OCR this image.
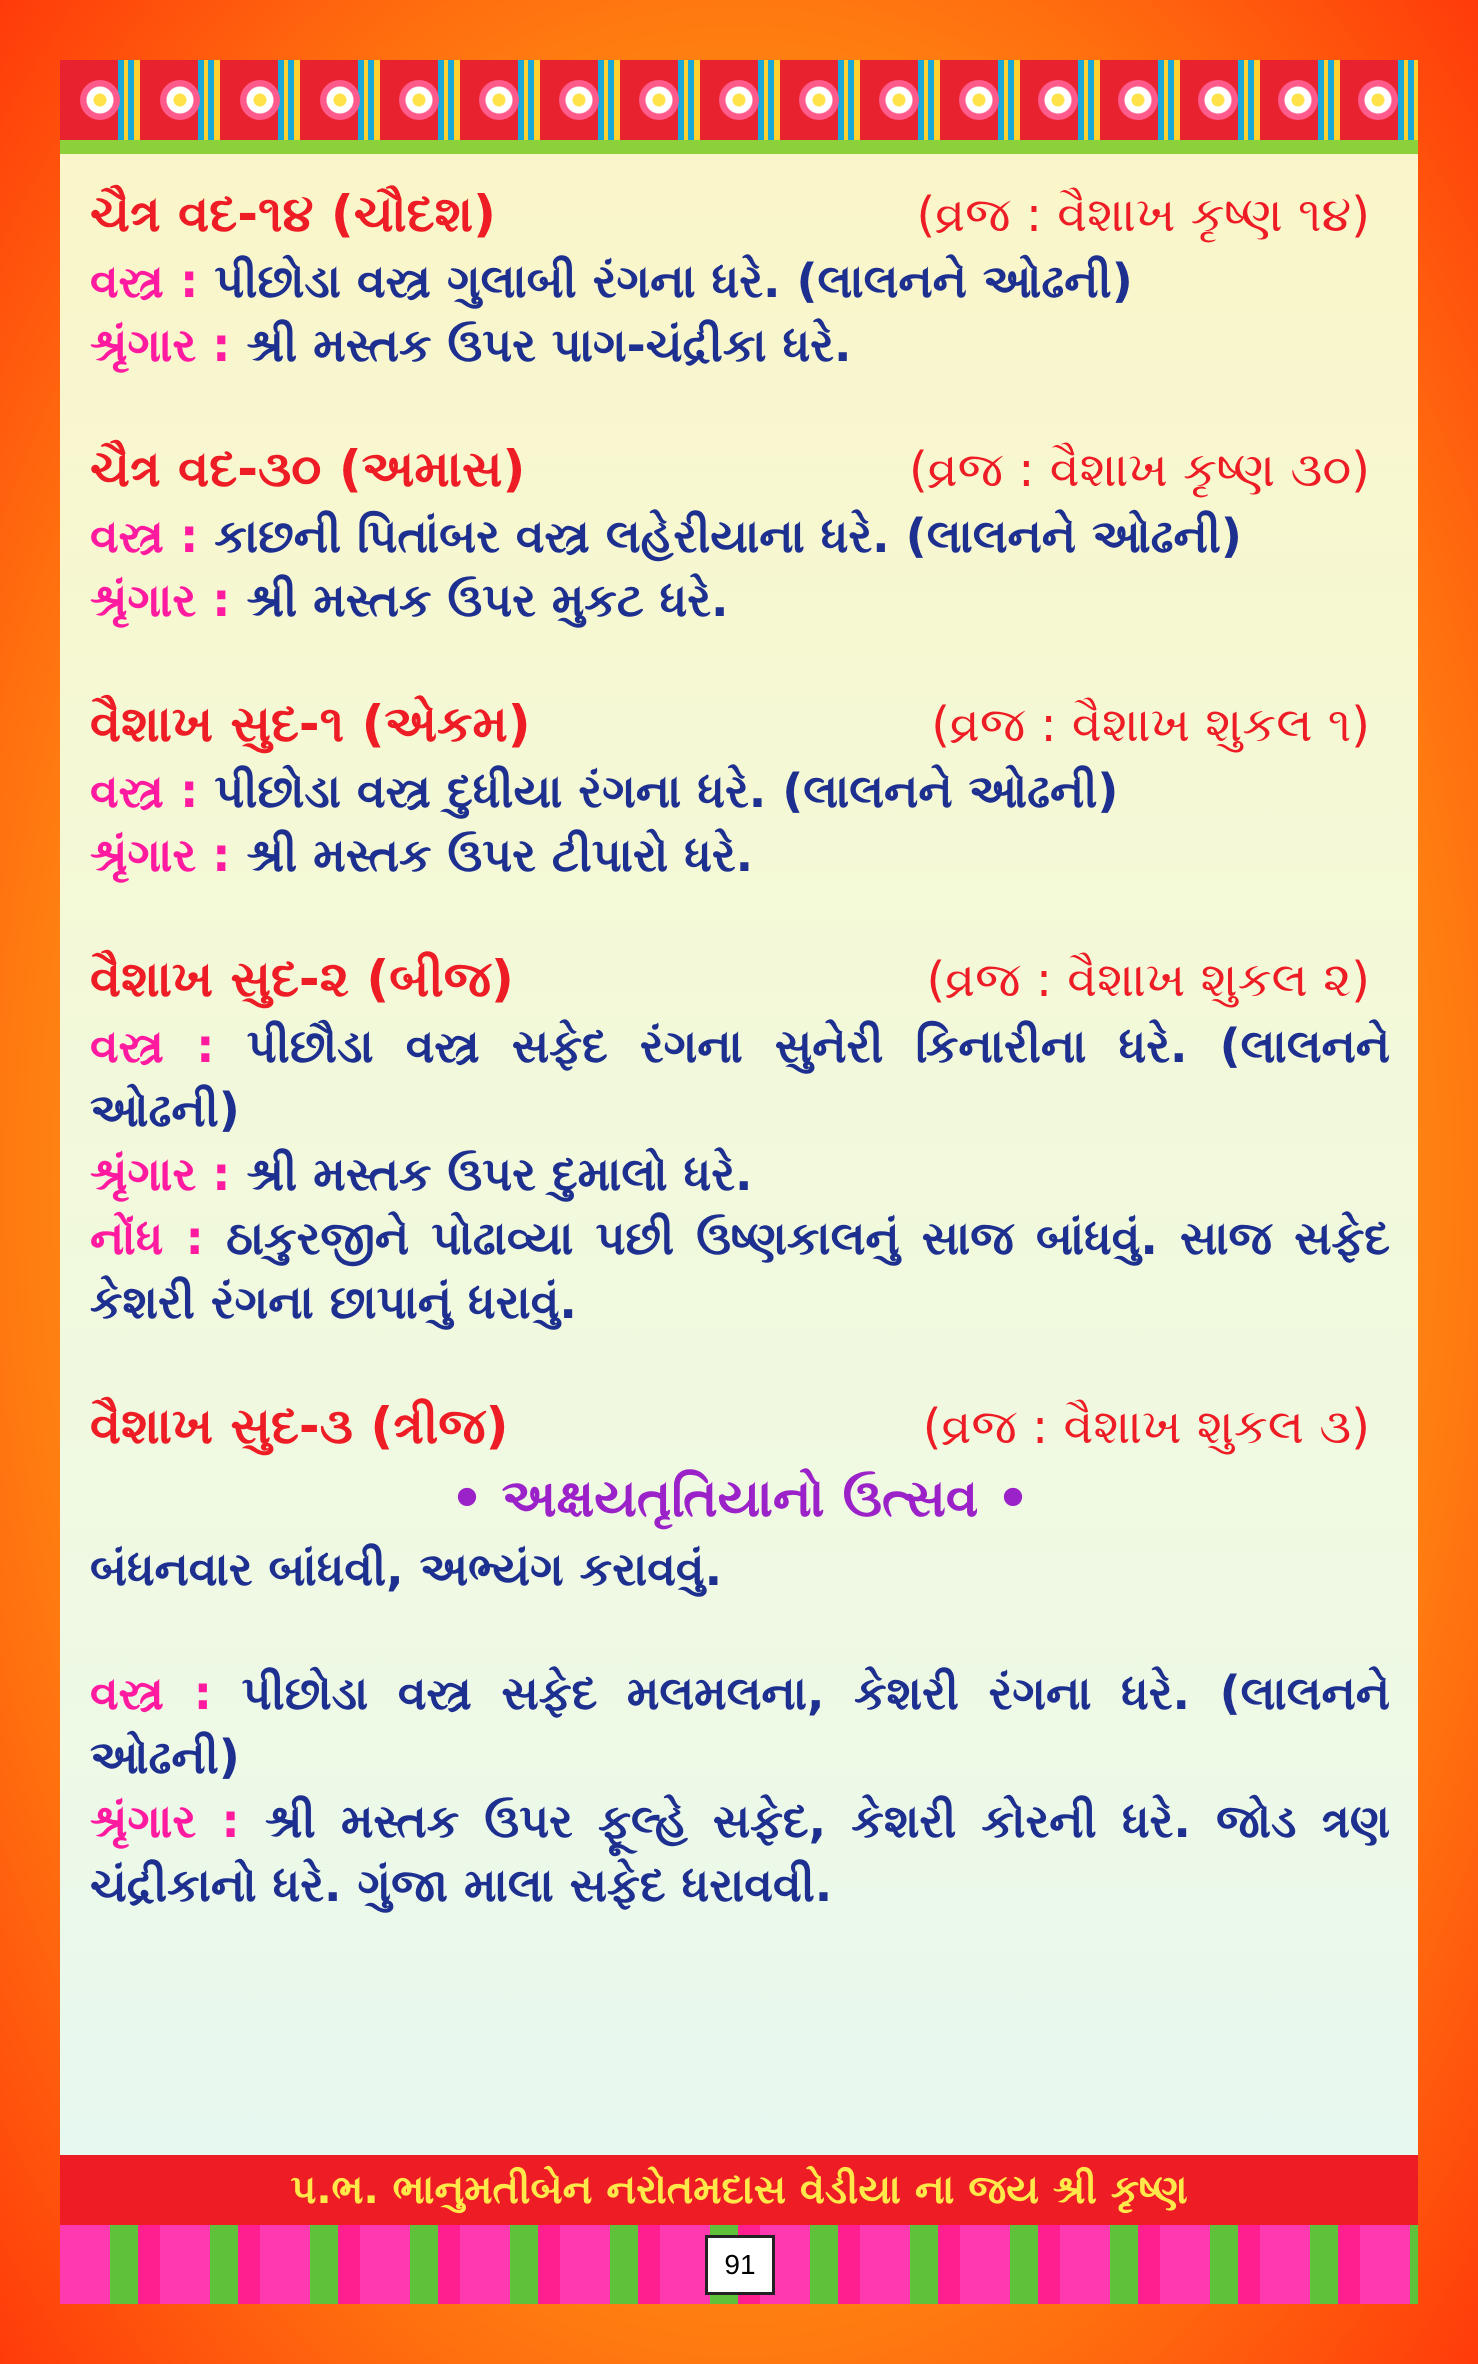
ચૈત્ર વદ-૧૪ (ચૌદશ)	(વ્રજ : વૈશાખ કૃષ્ણ ૧૪)
વસ્ત્ર : પીછોડા વસ્ત્ર ગુલાબી રંગના ધરે. (લાલનને ઓઢની)
શ્રૃંગાર : શ્રી મસ્તક ઉપર પાગ-ચંદ્રીકા ધરે.
ચૈત્ર વદ-૩૦ (અમાસ)	(વ્રજ : વૈશાખ કૃષ્ણ ૩૦)
વસ્ત્ર : કાછની પિતાંબર વસ્ત્ર લહેરીયાના ધરે. (લાલનને ઓઢની)
શ્રૃંગાર : શ્રી મસ્તક ઉપર મુકટ ધરે.
વૈશાખ સુદ-૧ (એકમ)	(વ્રજ : વૈશાખ શુકલ ૧)
વસ્ત્ર : પીછોડા વસ્ત્ર દુધીયા રંગના ધરે. (લાલનને ઓઢની)
શ્રૃંગાર : શ્રી મસ્તક ઉપર ટીપારો ધરે.
વૈશાખ સુદ-૨ (બીજ)	(વ્રજ : વૈશાખ શુકલ ૨)
વસ્ત્ર : પીછૌડા વસ્ત્ર સફેદ રંગના સુનેરી કિનારીના ધરે. (લાલનને ઓઢની)
શ્રૃંગાર : શ્રી મસ્તક ઉપર દુમાલો ધરે.
નોંધ : ઠાકુરજીને પોઢાવ્યા પછી ઉષ્ણકાલનું સાજ બાંધવું. સાજ સફેદ કેશરી રંગના છાપાનું ધરાવું.
વૈશાખ સુદ-૩ (ત્રીજ)	(વ્રજ : વૈશાખ શુકલ ૩)
• અક્ષયતૃતિયાનો ઉત્સવ •
બંધનવાર બાંધવી, અભ્યંગ કરાવવું.
વસ્ત્ર : પીછોડા વસ્ત્ર સફેદ મલમલના, કેશરી રંગના ધરે. (લાલનને ઓઢની)
શ્રૃંગાર : શ્રી મસ્તક ઉપર ફૂલ્હે સફેદ, કેશરી કોરની ધરે. જોડ ત્રણ ચંદ્રીકાનો ધરે. ગુંજા માલા સફેદ ધરાવવી.
પ.ભ. ભાનુમતીબેન નરોતમદાસ વેડીયા ના જય શ્રી કૃષ્ણ
91
